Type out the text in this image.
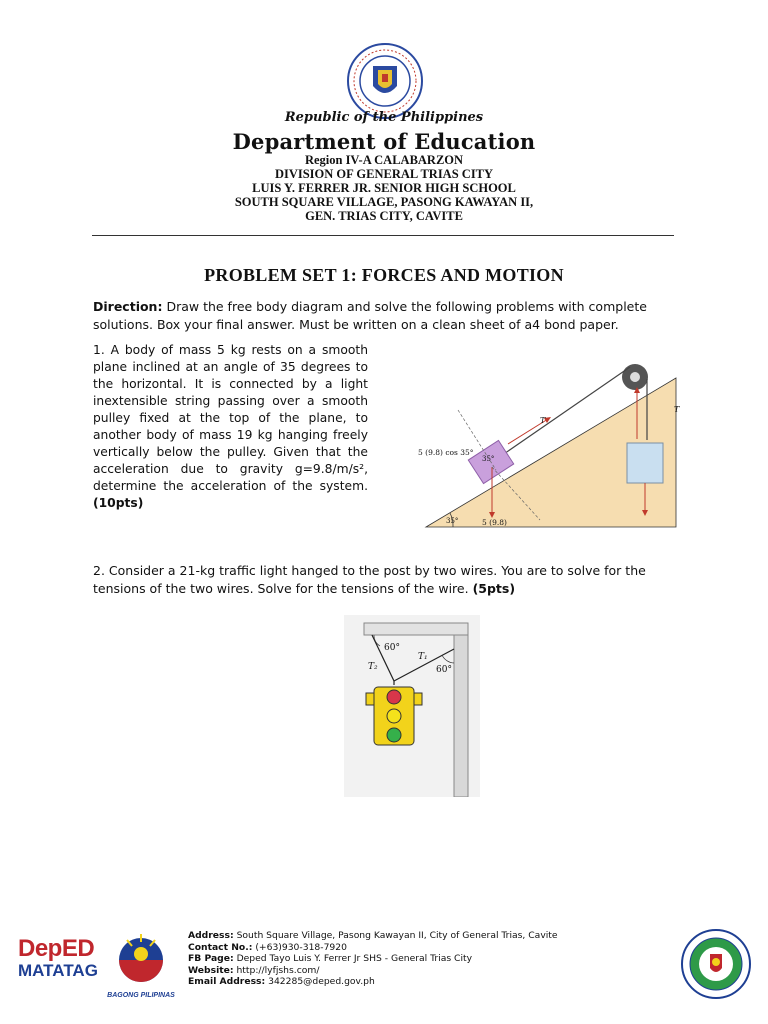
Republic of the Philippines
Department of Education
Region IV-A CALABARZON
DIVISION OF GENERAL TRIAS CITY
LUIS Y. FERRER JR. SENIOR HIGH SCHOOL
SOUTH SQUARE VILLAGE, PASONG KAWAYAN II,
GEN. TRIAS CITY, CAVITE
PROBLEM SET 1: FORCES AND MOTION
Direction: Draw the free body diagram and solve the following problems with complete solutions. Box your final answer. Must be written on a clean sheet of a4 bond paper.
1. A body of mass 5 kg rests on a smooth plane inclined at an angle of 35 degrees to the horizontal. It is connected by a light inextensible string passing over a smooth pulley fixed at the top of the plane, to another body of mass 19 kg hanging freely vertically below the pulley. Given that the acceleration due to gravity g=9.8/m/s², determine the acceleration of the system. (10pts)
T
T
5 (9.8) cos 35°
35°
35°	5 (9.8)
2. Consider a 21-kg traffic light hanged to the post by two wires. You are to solve for the tensions of the two wires. Solve for the tensions of the wire. (5pts)
60°
60°
T₂
T₁
DepED
MATATAG
BAGONG PILIPINAS
Address: South Square Village, Pasong Kawayan II, City of General Trias, Cavite
Contact No.: (+63)930-318-7920
FB Page: Deped Tayo Luis Y. Ferrer Jr SHS - General Trias City
Website: http://lyfjshs.com/
Email Address: 342285@deped.gov.ph
